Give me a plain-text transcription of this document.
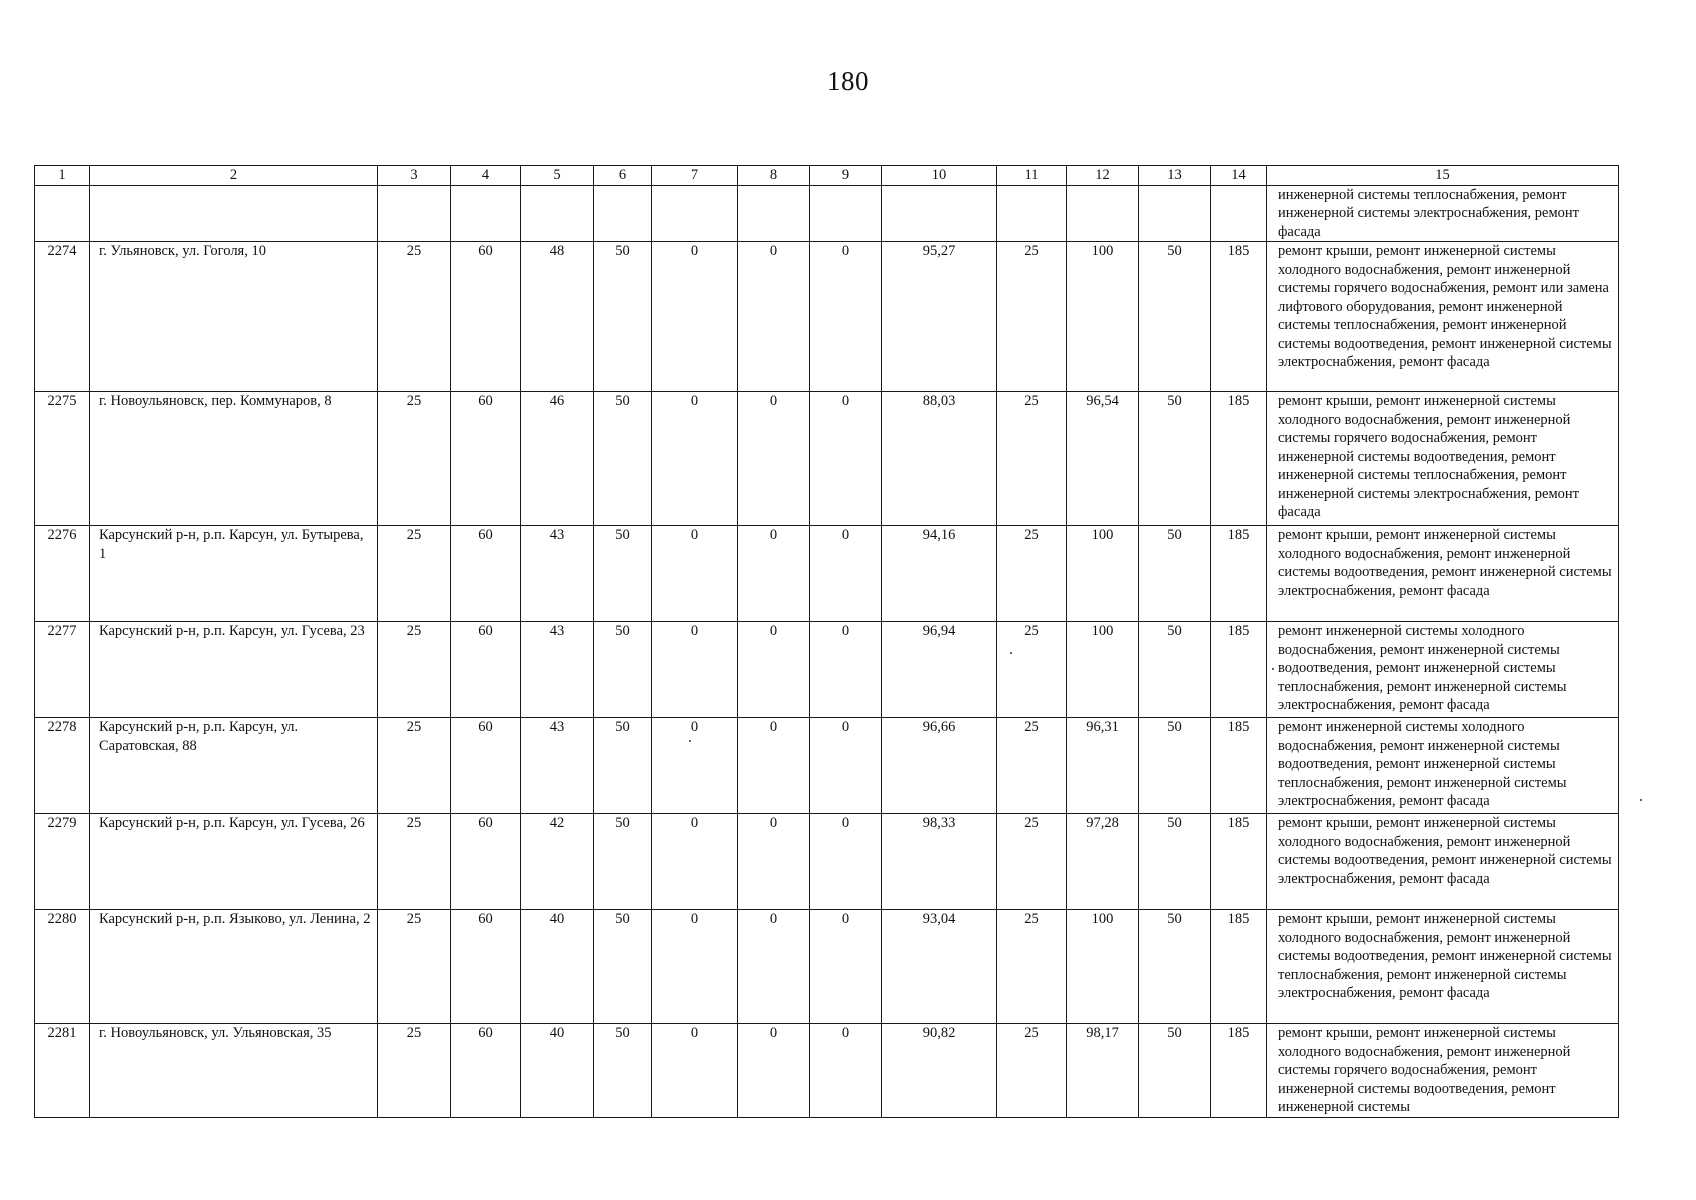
180
1	2	3	4	5	6	7	8	9	10	11	12	13	14	15
														инженерной системы теплоснабжения, ремонт инженерной системы электроснабжения, ремонт фасада
2274	г. Ульяновск, ул. Гоголя, 10	25	60	48	50	0	0	0	95,27	25	100	50	185	ремонт крыши, ремонт инженерной системы холодного водоснабжения, ремонт инженерной системы горячего водоснабжения, ремонт или замена лифтового оборудования, ремонт инженерной системы теплоснабжения, ремонт инженерной системы водоотведения, ремонт инженерной системы электроснабжения, ремонт фасада
2275	г. Новоульяновск, пер. Коммунаров, 8	25	60	46	50	0	0	0	88,03	25	96,54	50	185	ремонт крыши, ремонт инженерной системы холодного водоснабжения, ремонт инженерной системы горячего водоснабжения, ремонт инженерной системы водоотведения, ремонт инженерной системы теплоснабжения, ремонт инженерной системы электроснабжения, ремонт фасада
2276	Карсунский р-н, р.п. Карсун, ул. Бутырева, 1	25	60	43	50	0	0	0	94,16	25	100	50	185	ремонт крыши, ремонт инженерной системы холодного водоснабжения, ремонт инженерной системы водоотведения, ремонт инженерной системы электроснабжения, ремонт фасада
2277	Карсунский р-н, р.п. Карсун, ул. Гусева, 23	25	60	43	50	0	0	0	96,94	25	100	50	185	ремонт инженерной системы холодного водоснабжения, ремонт инженерной системы водоотведения, ремонт инженерной системы теплоснабжения, ремонт инженерной системы электроснабжения, ремонт фасада
2278	Карсунский р-н, р.п. Карсун, ул. Саратовская, 88	25	60	43	50	0	0	0	96,66	25	96,31	50	185	ремонт инженерной системы холодного водоснабжения, ремонт инженерной системы водоотведения, ремонт инженерной системы теплоснабжения, ремонт инженерной системы электроснабжения, ремонт фасада
2279	Карсунский р-н, р.п. Карсун, ул. Гусева, 26	25	60	42	50	0	0	0	98,33	25	97,28	50	185	ремонт крыши, ремонт инженерной системы холодного водоснабжения, ремонт инженерной системы водоотведения, ремонт инженерной системы электроснабжения, ремонт фасада
2280	Карсунский р-н, р.п. Языково, ул. Ленина, 2	25	60	40	50	0	0	0	93,04	25	100	50	185	ремонт крыши, ремонт инженерной системы холодного водоснабжения, ремонт инженерной системы водоотведения, ремонт инженерной системы теплоснабжения, ремонт инженерной системы электроснабжения, ремонт фасада
2281	г. Новоульяновск, ул. Ульяновская, 35	25	60	40	50	0	0	0	90,82	25	98,17	50	185	ремонт крыши, ремонт инженерной системы холодного водоснабжения, ремонт инженерной системы горячего водоснабжения, ремонт инженерной системы водоотведения, ремонт инженерной системы
